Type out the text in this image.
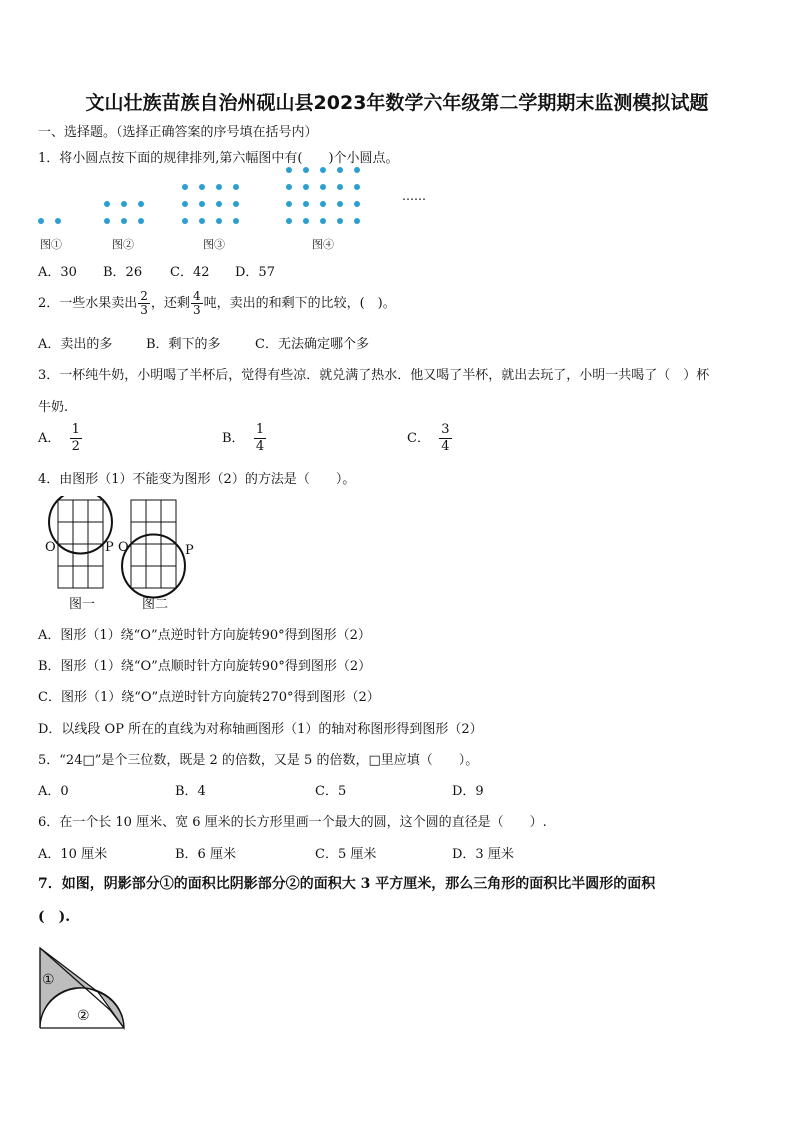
文山壮族苗族自治州砚山县2023年数学六年级第二学期期末监测模拟试题
一、选择题。（选择正确答案的序号填在括号内）
1．将小圆点按下面的规律排列,第六幅图中有(　　)个小圆点。
……
图①	图②	图③	图④
A．30 B．26 C．42 D．57
2．一些水果卖出 $\frac{2}{3}$ ，还剩 $\frac{4}{3}$ 吨，卖出的和剩下的比较，(　)。
A．卖出的多	B．剩下的多	C．无法确定哪个多
3．一杯纯牛奶，小明喝了半杯后，觉得有些凉．就兑满了热水．他又喝了半杯，就出去玩了，小明一共喝了（　）杯
牛奶.
A． $\frac{1}{2}$	B． $\frac{1}{4}$	C． $\frac{3}{4}$
4．由图形（1）不能变为图形（2）的方法是（　　）。
O	P O	P
图一	图二
A．图形（1）绕“O”点逆时针方向旋转90°得到图形（2）
B．图形（1）绕“O”点顺时针方向旋转90°得到图形（2）
C．图形（1）绕“O”点逆时针方向旋转270°得到图形（2）
D．以线段 OP 所在的直线为对称轴画图形（1）的轴对称图形得到图形（2）
5．“24□”是个三位数，既是 2 的倍数，又是 5 的倍数，□里应填（　　）。
A．0	B．4	C．5	D．9
6．在一个长 10 厘米、宽 6 厘米的长方形里画一个最大的圆，这个圆的直径是（　　）.
A．10 厘米	B．6 厘米	C．5 厘米	D．3 厘米
7．如图，阴影部分①的面积比阴影部分②的面积大 3 平方厘米，那么三角形的面积比半圆形的面积
(　).
①
②
